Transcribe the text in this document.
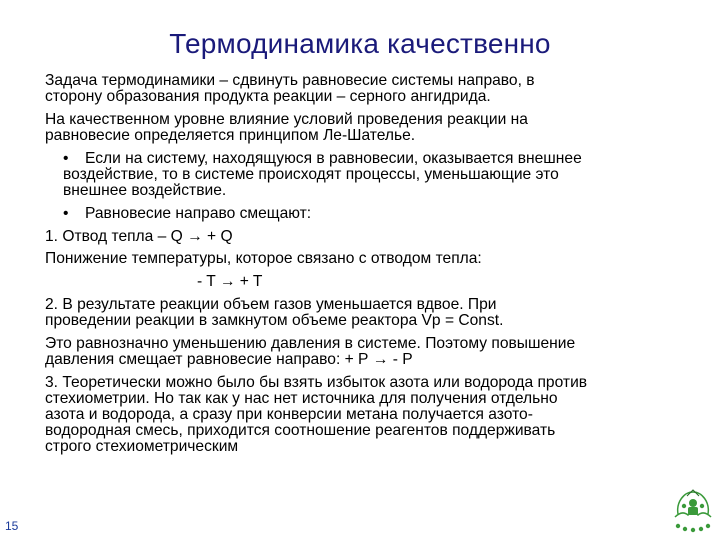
Термодинамика качественно
Задача термодинамики – сдвинуть равновесие системы направо, в
сторону образования продукта реакции – серного ангидрида.
На качественном уровне влияние условий проведения реакции на
равновесие определяется принципом Ле-Шателье.
• Если на систему, находящуюся в равновесии, оказывается внешнее
воздействие, то в системе происходят процессы, уменьшающие это
внешнее воздействие.
• Равновесие направо смещают:
1. Отвод тепла – Q → + Q
Понижение температуры, которое связано с отводом тепла:
- T → + T
2. В результате реакции объем газов уменьшается вдвое. При
проведении реакции в замкнутом объеме реактора Vр = Const.
Это равнозначно уменьшению давления в системе. Поэтому повышение
давления смещает равновесие направо: + Р → - Р
3. Теоретически можно было бы взять избыток азота или водорода против
стехиометрии. Но так как у нас нет источника для получения отдельно
азота и водорода, а сразу при конверсии метана получается азото-
водородная смесь, приходится соотношение реагентов поддерживать
строго стехиометрическим
15
